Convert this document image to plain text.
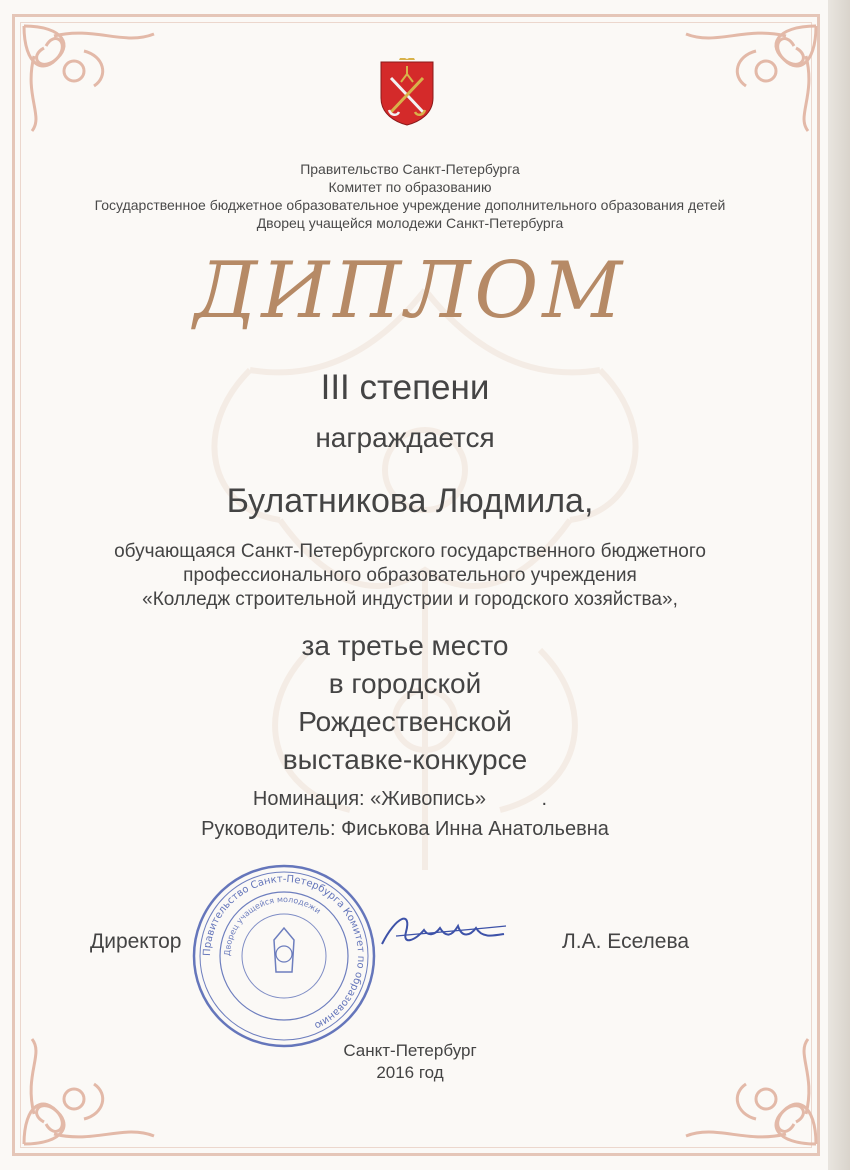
Правительство Санкт-Петербурга
Комитет по образованию
Государственное бюджетное образовательное учреждение дополнительного образования детей
Дворец учащейся молодежи Санкт-Петербурга
ДИПЛОМ
III степени
награждается
Булатникова Людмила,
обучающаяся Санкт-Петербургского государственного бюджетного
профессионального образовательного учреждения
«Колледж строительной индустрии и городского хозяйства»,
за третье место
в городской
Рождественской
выставке-конкурсе
Номинация: «Живопись»          .
Руководитель: Фиськова Инна Анатольевна
Правительство Санкт-Петербурга Комитет по образованию
Дворец учащейся молодежи
Директор	Л.А. Еселева
Санкт-Петербург
2016 год
